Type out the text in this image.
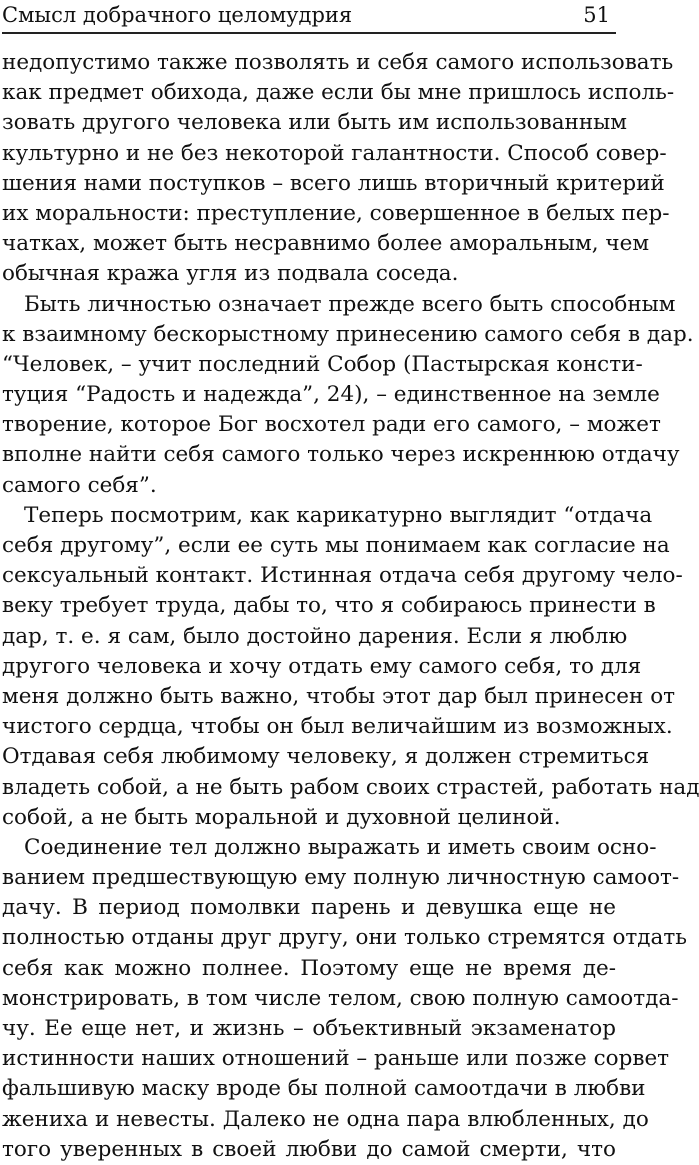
Смысл добрачного целомудрия	51
недопустимо также позволять и себя самого использовать
как предмет обихода, даже если бы мне пришлось исполь-
зовать другого человека или быть им использованным
культурно и не без некоторой галантности. Способ совер-
шения нами поступков – всего лишь вторичный критерий
их моральности: преступление, совершенное в белых пер-
чатках, может быть несравнимо более аморальным, чем
обычная кража угля из подвала соседа.
Быть личностью означает прежде всего быть способным
к взаимному бескорыстному принесению самого себя в дар.
“Человек, – учит последний Собор (Пастырская консти-
туция “Радость и надежда”, 24), – единственное на земле
творение, которое Бог восхотел ради его самого, – может
вполне найти себя самого только через искреннюю отдачу
самого себя”.
Теперь посмотрим, как карикатурно выглядит “отдача
себя другому”, если ее суть мы понимаем как согласие на
сексуальный контакт. Истинная отдача себя другому чело-
веку требует труда, дабы то, что я собираюсь принести в
дар, т. е. я сам, было достойно дарения. Если я люблю
другого человека и хочу отдать ему самого себя, то для
меня должно быть важно, чтобы этот дар был принесен от
чистого сердца, чтобы он был величайшим из возможных.
Отдавая себя любимому человеку, я должен стремиться
владеть собой, а не быть рабом своих страстей, работать над
собой, а не быть моральной и духовной целиной.
Соединение тел должно выражать и иметь своим осно-
ванием предшествующую ему полную личностную самоот-
дачу. В период помолвки парень и девушка еще не
полностью отданы друг другу, они только стремятся отдать
себя как можно полнее. Поэтому еще не время де-
монстрировать, в том числе телом, свою полную самоотда-
чу. Ее еще нет, и жизнь – объективный экзаменатор
истинности наших отношений – раньше или позже сорвет
фальшивую маску вроде бы полной самоотдачи в любви
жениха и невесты. Далеко не одна пара влюбленных, до
того уверенных в своей любви до самой смерти, что
